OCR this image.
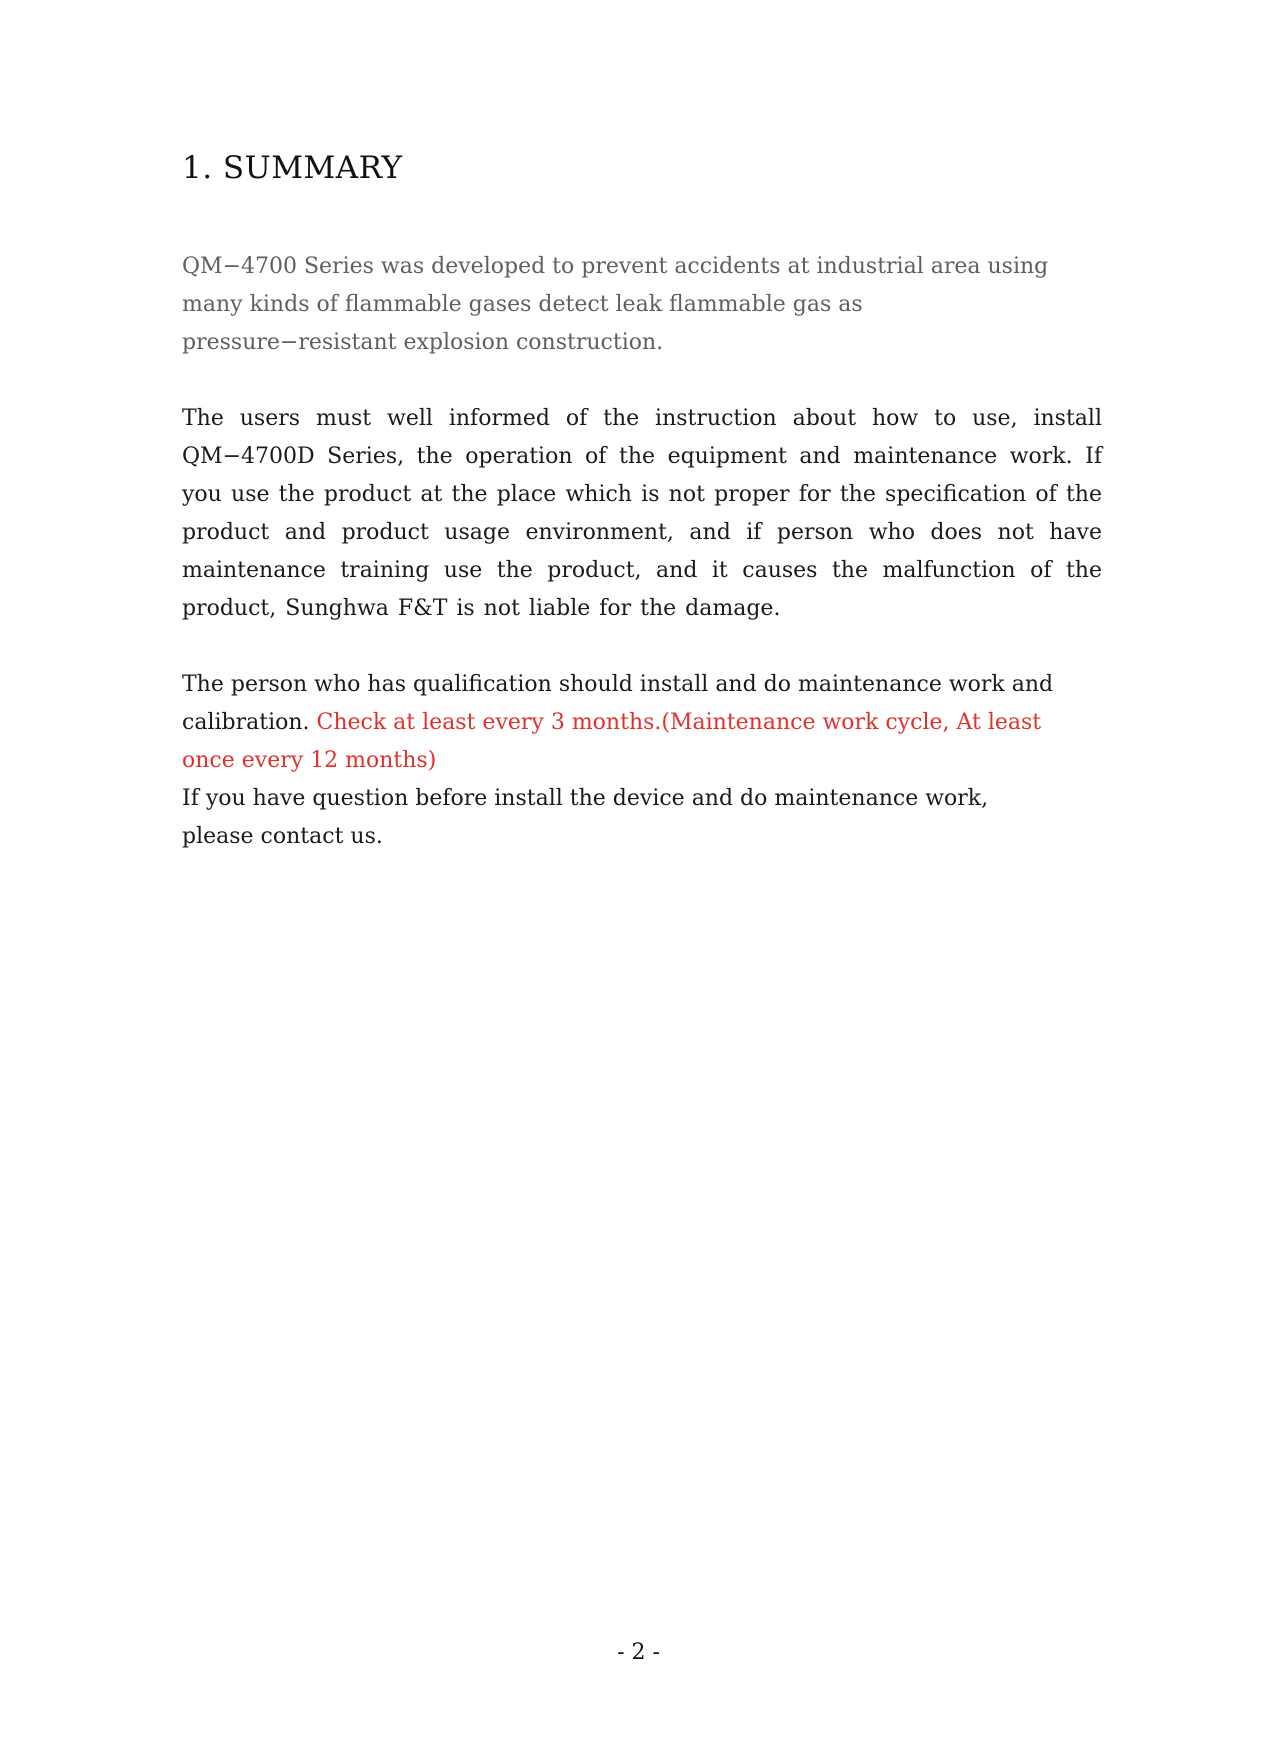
1. SUMMARY

QM−4700 Series was developed to prevent accidents at industrial area using
many kinds of flammable gases detect leak flammable gas as
pressure−resistant explosion construction.

The users must well informed of the instruction about how to use, install QM−4700D Series, the operation of the equipment and maintenance work. If you use the product at the place which is not proper for the specification of the product and product usage environment, and if person who does not have maintenance training use the product, and it causes the malfunction of the product, Sunghwa F&T is not liable for the damage.

The person who has qualification should install and do maintenance work and calibration. Check at least every 3 months.(Maintenance work cycle, At least once every 12 months)
If you have question before install the device and do maintenance work,
please contact us.

- 2 -
